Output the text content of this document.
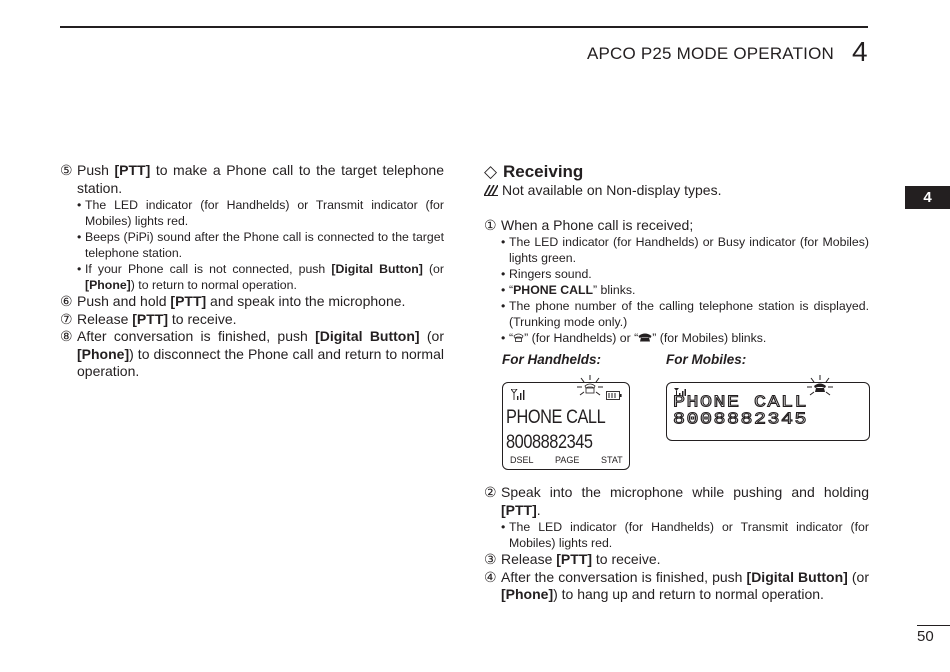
APCO P25 MODE OPERATION 4
4
⑤ Push [PTT] to make a Phone call to the target telephone station.
• The LED indicator (for Handhelds) or Transmit indicator (for Mobiles) lights red.
• Beeps (PiPi) sound after the Phone call is connected to the target telephone station.
• If your Phone call is not connected, push [Digital Button] (or [Phone]) to return to normal operation.
⑥ Push and hold [PTT] and speak into the microphone.
⑦ Release [PTT] to receive.
⑧ After conversation is finished, push [Digital Button] (or [Phone]) to disconnect the Phone call and return to normal operation.
◇ Receiving
Not available on Non-display types.
① When a Phone call is received;
• The LED indicator (for Handhelds) or Busy indicator (for Mobiles) lights green.
• Ringers sound.
• “PHONE CALL” blinks.
• The phone number of the calling telephone station is displayed. (Trunking mode only.)
• “ ” (for Handhelds) or “ ” (for Mobiles) blinks.
For Handhelds:	For Mobiles:
PHONE CALL
8008882345
DSEL PAGE STAT
PHONE CALL
8008882345
② Speak into the microphone while pushing and holding [PTT].
• The LED indicator (for Handhelds) or Transmit indicator (for Mobiles) lights red.
③ Release [PTT] to receive.
④ After the conversation is finished, push [Digital Button] (or [Phone]) to hang up and return to normal operation.
50
